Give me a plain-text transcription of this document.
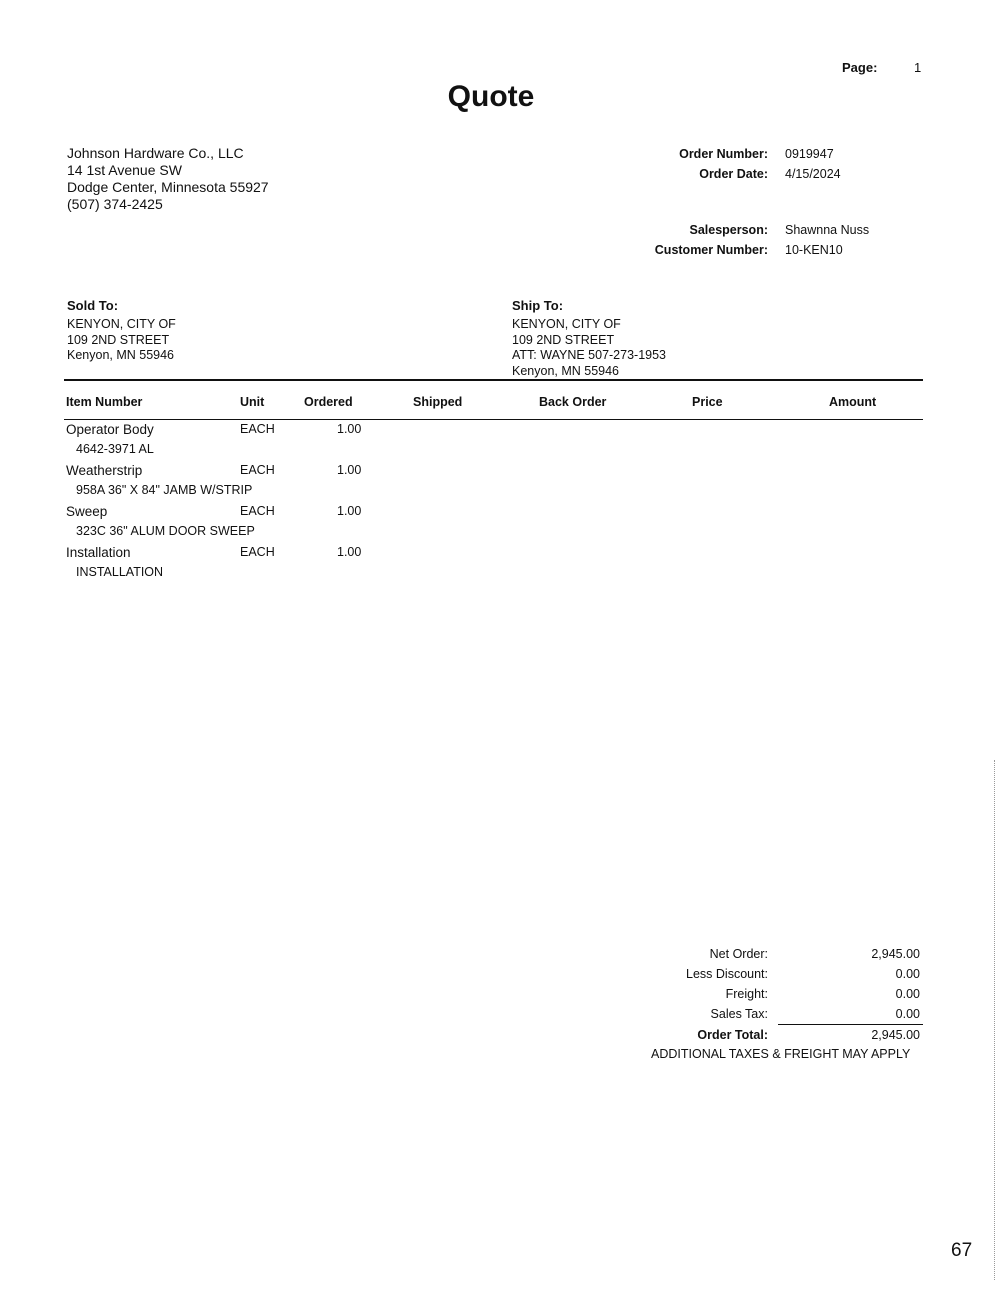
Page:	1
Quote
Johnson Hardware Co., LLC
14 1st Avenue SW
Dodge Center, Minnesota 55927
(507) 374-2425
Order Number: 0919947
Order Date: 4/15/2024
Salesperson: Shawnna Nuss
Customer Number: 10-KEN10
Sold To:
KENYON, CITY OF
109 2ND STREET
Kenyon, MN 55946
Ship To:
KENYON, CITY OF
109 2ND STREET
ATT: WAYNE 507-273-1953
Kenyon, MN 55946
Item Number	Unit	Ordered	Shipped	Back Order	Price	Amount
Operator Body	EACH	1.00
4642-3971 AL
Weatherstrip	EACH	1.00
958A 36" X 84" JAMB W/STRIP
Sweep	EACH	1.00
323C 36" ALUM DOOR SWEEP
Installation	EACH	1.00
INSTALLATION
Net Order:	2,945.00
Less Discount:	0.00
Freight:	0.00
Sales Tax:	0.00
Order Total:	2,945.00
ADDITIONAL TAXES & FREIGHT MAY APPLY
67
